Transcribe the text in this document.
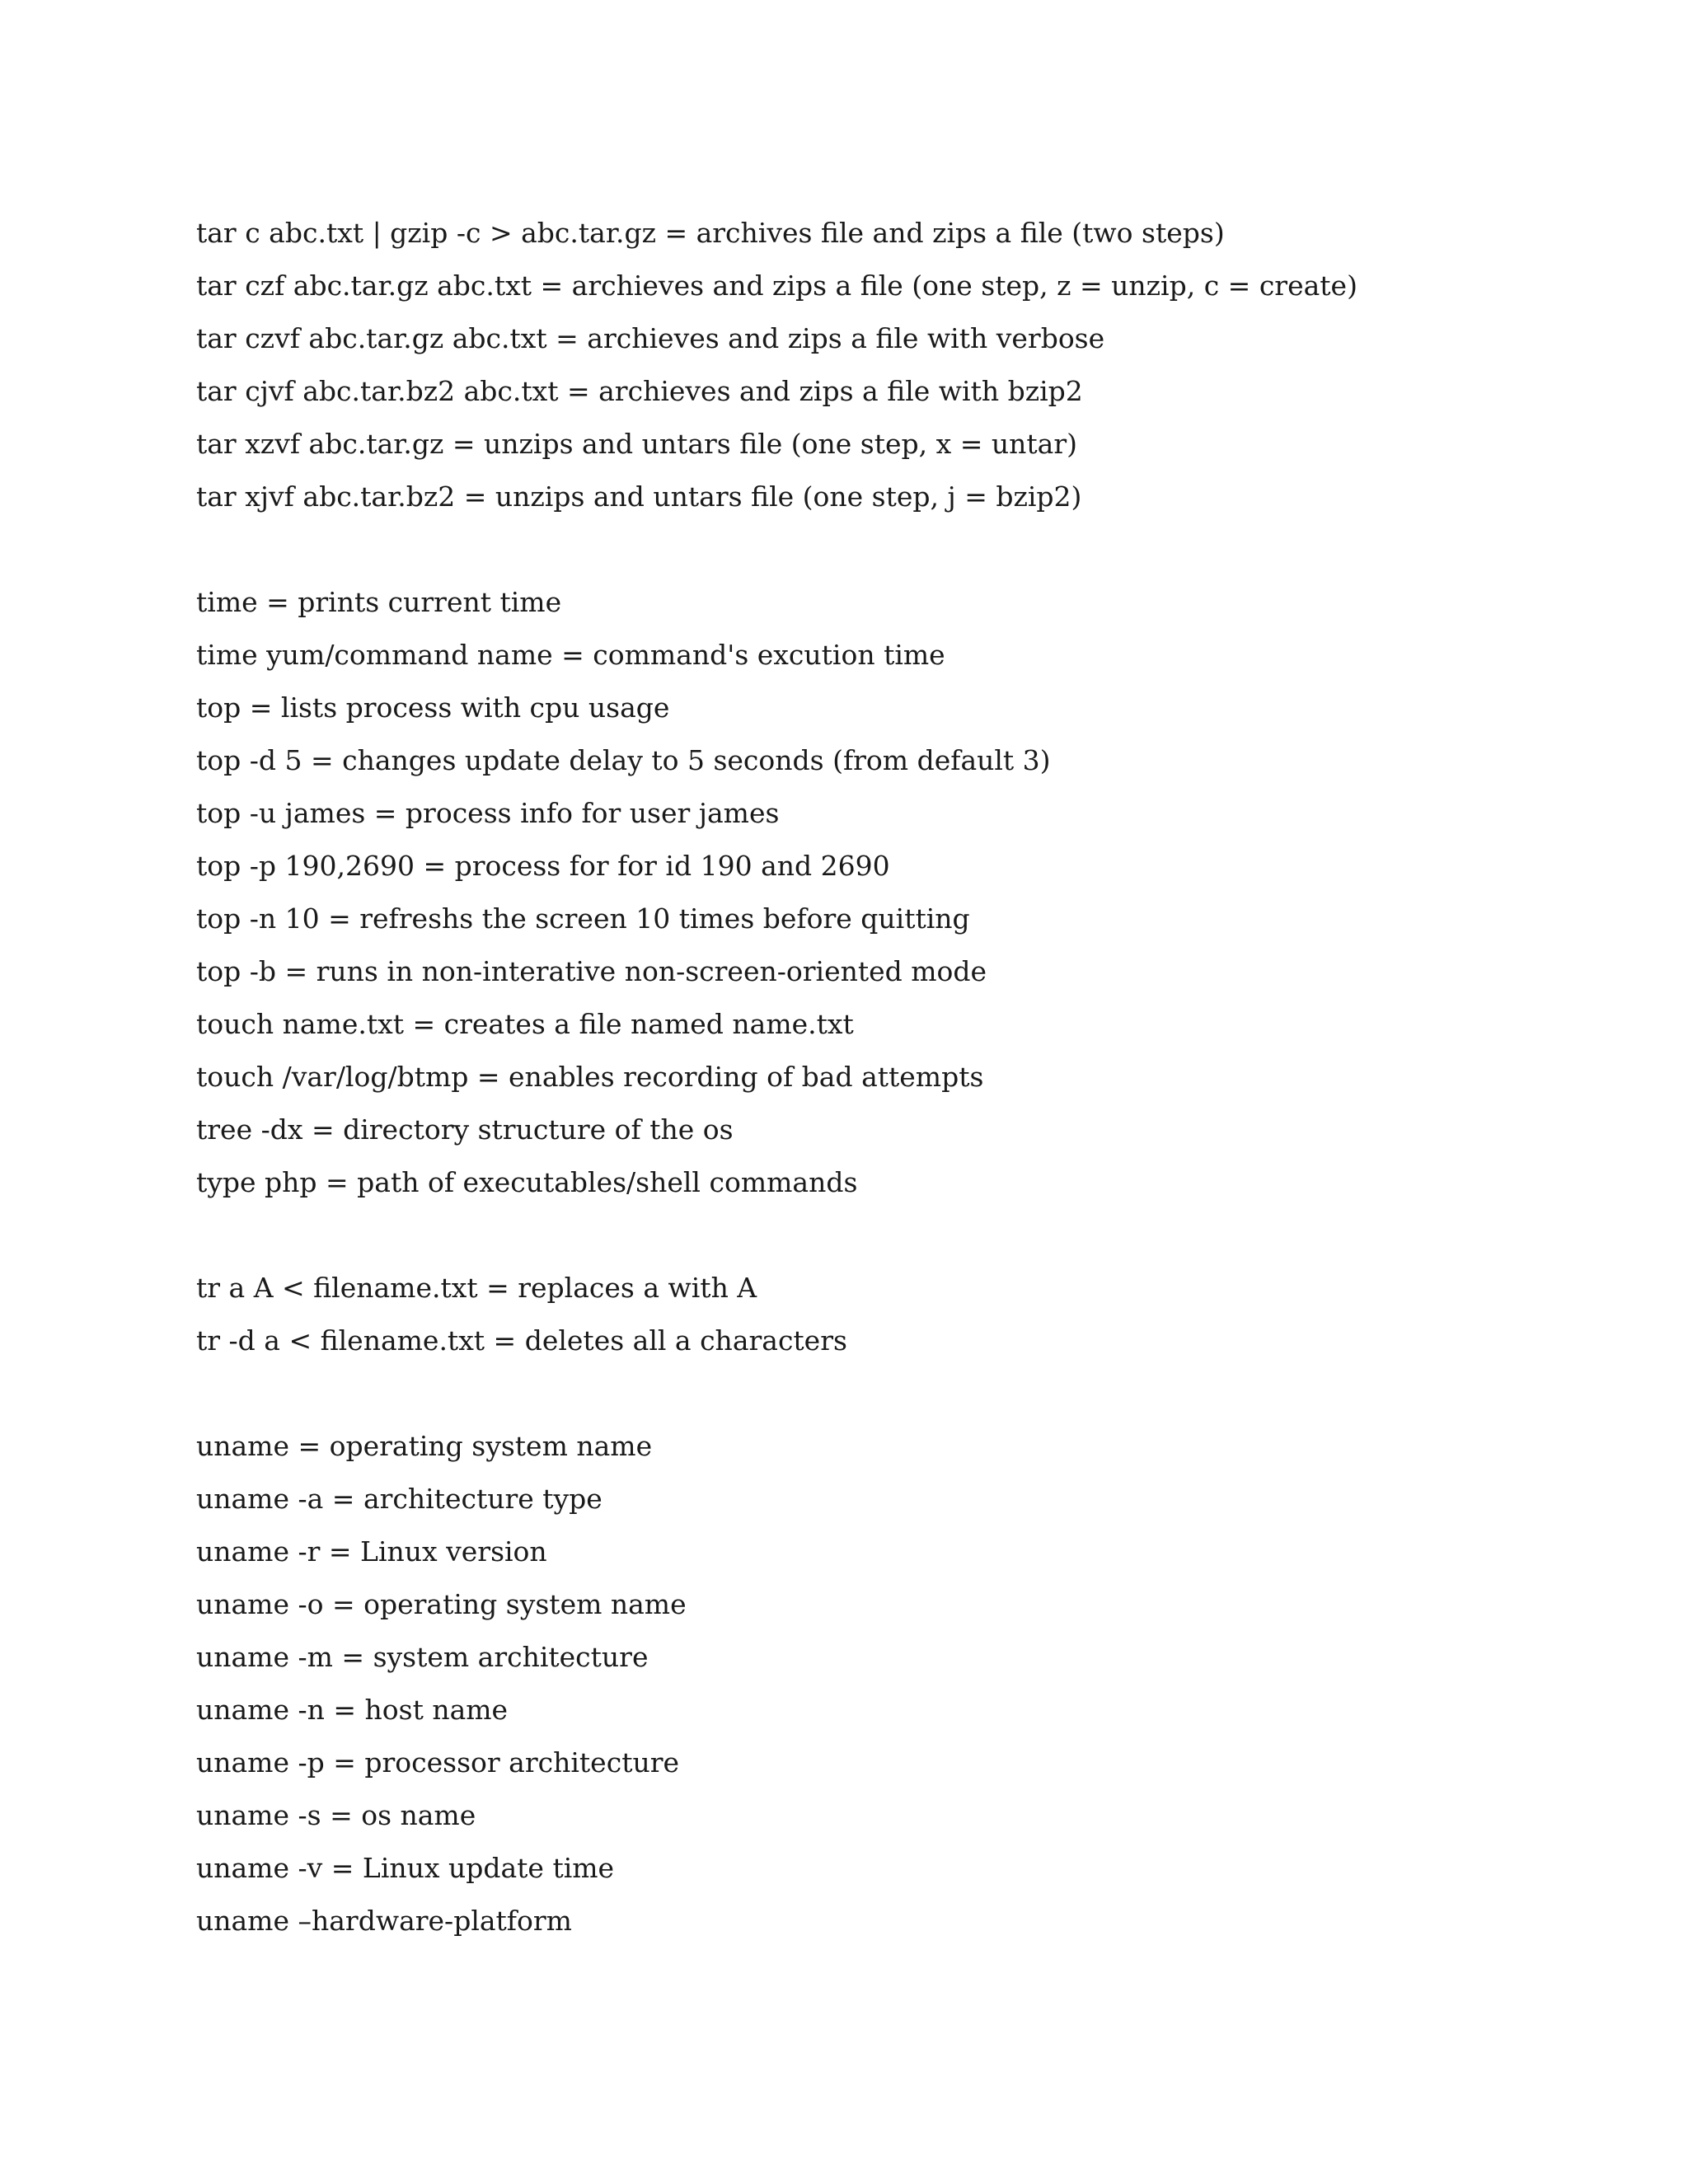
tar c abc.txt | gzip -c > abc.tar.gz = archives file and zips a file (two steps)
tar czf abc.tar.gz abc.txt = archieves and zips a file (one step, z = unzip, c = create)
tar czvf abc.tar.gz abc.txt = archieves and zips a file with verbose
tar cjvf abc.tar.bz2 abc.txt = archieves and zips a file with bzip2
tar xzvf abc.tar.gz = unzips and untars file (one step, x = untar)
tar xjvf abc.tar.bz2 = unzips and untars file (one step, j = bzip2)
time = prints current time
time yum/command name = command's excution time
top = lists process with cpu usage
top -d 5 = changes update delay to 5 seconds (from default 3)
top -u james = process info for user james
top -p 190,2690 = process for for id 190 and 2690
top -n 10 = refreshs the screen 10 times before quitting
top -b = runs in non-interative non-screen-oriented mode
touch name.txt = creates a file named name.txt
touch /var/log/btmp = enables recording of bad attempts
tree -dx = directory structure of the os
type php = path of executables/shell commands
tr a A < filename.txt = replaces a with A
tr -d a < filename.txt = deletes all a characters
uname = operating system name
uname -a = architecture type
uname -r = Linux version
uname -o = operating system name
uname -m = system architecture
uname -n = host name
uname -p = processor architecture
uname -s = os name
uname -v = Linux update time
uname –hardware-platform
